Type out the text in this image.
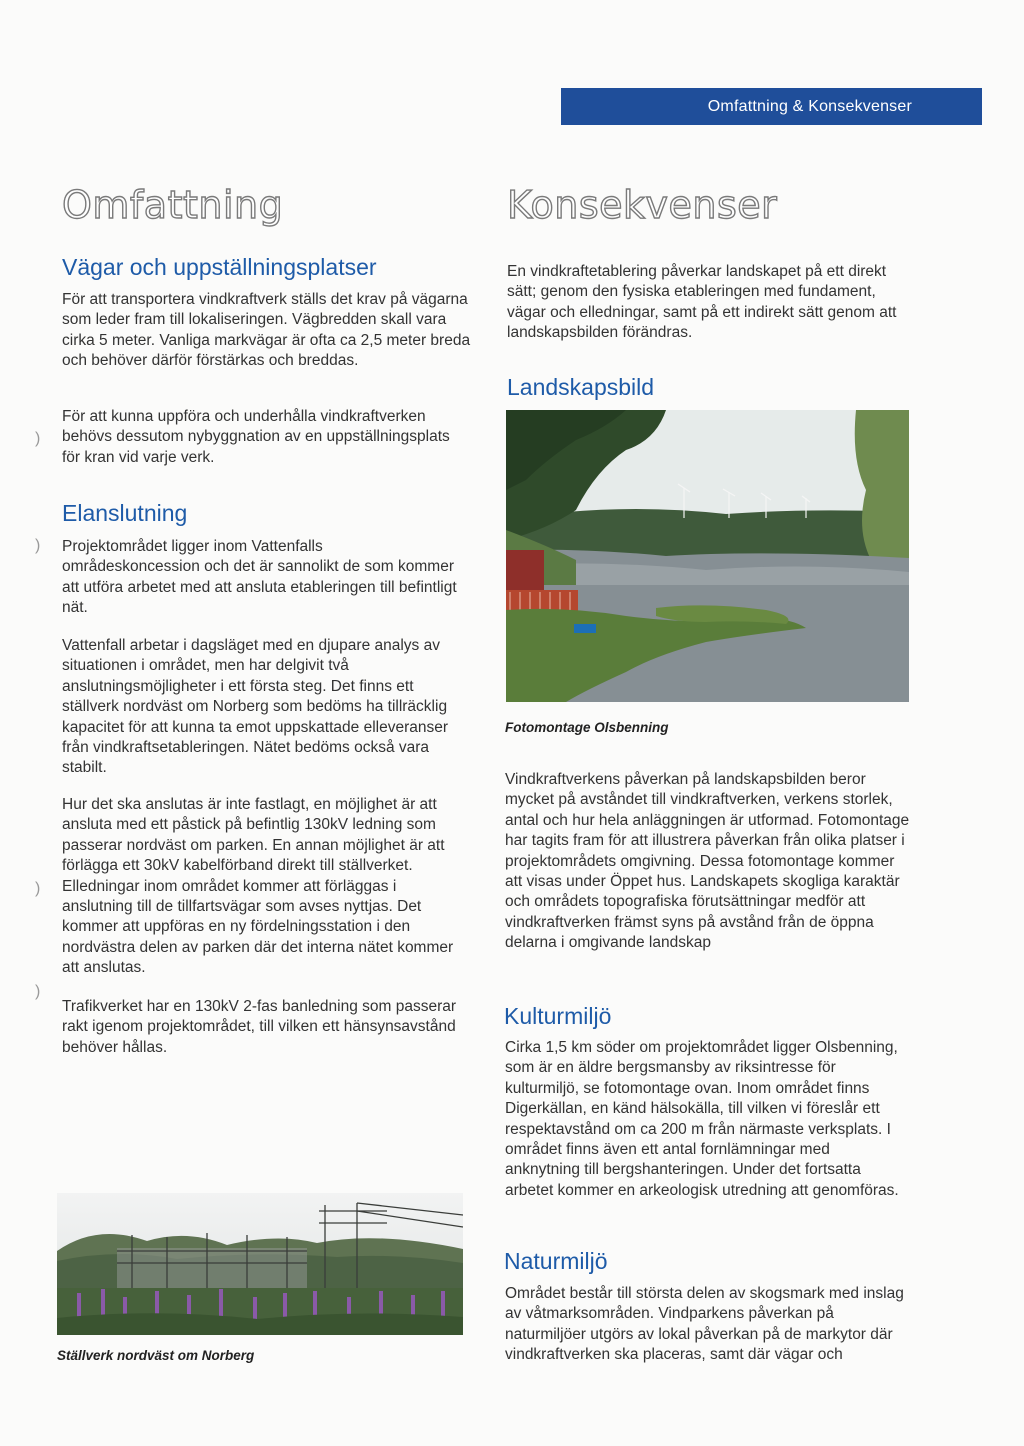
Omfattning & Konsekvenser
Omfattning
Vägar och uppställningsplatser

För att transportera vindkraftverk ställs det krav på vägarna som leder fram till lokaliseringen. Vägbredden skall vara cirka 5 meter. Vanliga markvägar är ofta ca 2,5 meter breda och behöver därför förstärkas och breddas.

För att kunna uppföra och underhålla vindkraftverken behövs dessutom nybyggnation av en uppställningsplats för kran vid varje verk.

Elanslutning

Projektområdet ligger inom Vattenfalls områdeskoncession och det är sannolikt de som kommer att utföra arbetet med att ansluta etableringen till befintligt nät.

Vattenfall arbetar i dagsläget med en djupare analys av situationen i området, men har delgivit två anslutningsmöjligheter i ett första steg. Det finns ett ställverk nordväst om Norberg som bedöms ha tillräcklig kapacitet för att kunna ta emot uppskattade elleveranser från vindkraftsetableringen. Nätet bedöms också vara stabilt.

Hur det ska anslutas är inte fastlagt, en möjlighet är att ansluta med ett påstick på befintlig 130kV ledning som passerar nordväst om parken. En annan möjlighet är att förlägga ett 30kV kabelförband direkt till ställverket. Elledningar inom området kommer att förläggas i anslutning till de tillfartsvägar som avses nyttjas. Det kommer att uppföras en ny fördelningsstation i den nordvästra delen av parken där det interna nätet kommer att anslutas.

Trafikverket har en 130kV 2-fas banledning som passerar rakt igenom projektområdet, till vilken ett hänsynsavstånd behöver hållas.

Ställverk nordväst om Norberg

Konsekvenser

En vindkraftetablering påverkar landskapet på ett direkt sätt; genom den fysiska etableringen med fundament, vägar och elledningar, samt på ett indirekt sätt genom att landskapsbilden förändras.

Landskapsbild

Fotomontage Olsbenning

Vindkraftverkens påverkan på landskapsbilden beror mycket på avståndet till vindkraftverken, verkens storlek, antal och hur hela anläggningen är utformad. Fotomontage har tagits fram för att illustrera påverkan från olika platser i projektområdets omgivning. Dessa fotomontage kommer att visas under Öppet hus. Landskapets skogliga karaktär och områdets topografiska förutsättningar medför att vindkraftverken främst syns på avstånd från de öppna delarna i omgivande landskap

Kulturmiljö

Cirka 1,5 km söder om projektområdet ligger Olsbenning, som är en äldre bergsmansby av riksintresse för kulturmiljö, se fotomontage ovan. Inom området finns Digerkällan, en känd hälsokälla, till vilken vi föreslår ett respektavstånd om ca 200 m från närmaste verksplats. I området finns även ett antal fornlämningar med anknytning till bergshanteringen. Under det fortsatta arbetet kommer en arkeologisk utredning att genomföras.

Naturmiljö

Området består till största delen av skogsmark med inslag av våtmarksområden. Vindparkens påverkan på naturmiljöer utgörs av lokal påverkan på de markytor där vindkraftverken ska placeras, samt där vägar och

)
)
)
)
